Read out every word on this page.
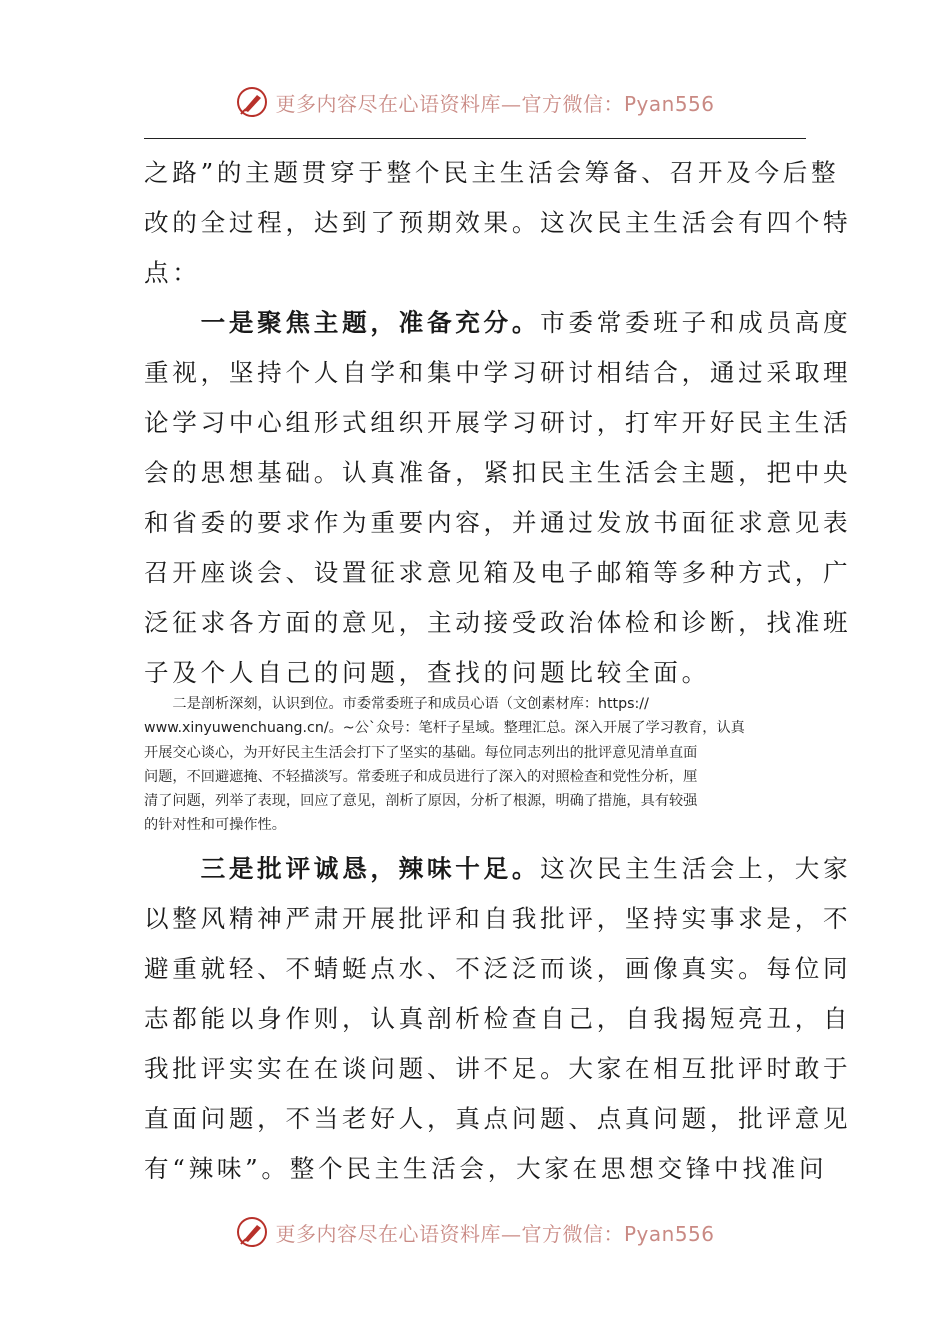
更多内容尽在心语资料库—官方微信：Pyan556
之路”的主题贯穿于整个民主生活会筹备、召开及今后整
改的全过程，达到了预期效果。这次民主生活会有四个特
点：
　　一是聚焦主题，准备充分。市委常委班子和成员高度
重视，坚持个人自学和集中学习研讨相结合，通过采取理
论学习中心组形式组织开展学习研讨，打牢开好民主生活
会的思想基础。认真准备，紧扣民主生活会主题，把中央
和省委的要求作为重要内容，并通过发放书面征求意见表
召开座谈会、设置征求意见箱及电子邮箱等多种方式，广
泛征求各方面的意见，主动接受政治体检和诊断，找准班
子及个人自己的问题，查找的问题比较全面。
　　二是剖析深刻，认识到位。市委常委班子和成员心语（文创素材库：https://
www.xinyuwenchuang.cn/。~公`众号：笔杆子星域。整理汇总。深入开展了学习教育，认真
开展交心谈心，为开好民主生活会打下了坚实的基础。每位同志列出的批评意见清单直面
问题，不回避遮掩、不轻描淡写。常委班子和成员进行了深入的对照检查和党性分析，厘
清了问题，列举了表现，回应了意见，剖析了原因，分析了根源，明确了措施，具有较强
的针对性和可操作性。
　　三是批评诚恳，辣味十足。这次民主生活会上，大家
以整风精神严肃开展批评和自我批评，坚持实事求是，不
避重就轻、不蜻蜓点水、不泛泛而谈，画像真实。每位同
志都能以身作则，认真剖析检查自己，自我揭短亮丑，自
我批评实实在在谈问题、讲不足。大家在相互批评时敢于
直面问题，不当老好人，真点问题、点真问题，批评意见
有“辣味”。整个民主生活会，大家在思想交锋中找准问
更多内容尽在心语资料库—官方微信：Pyan556
